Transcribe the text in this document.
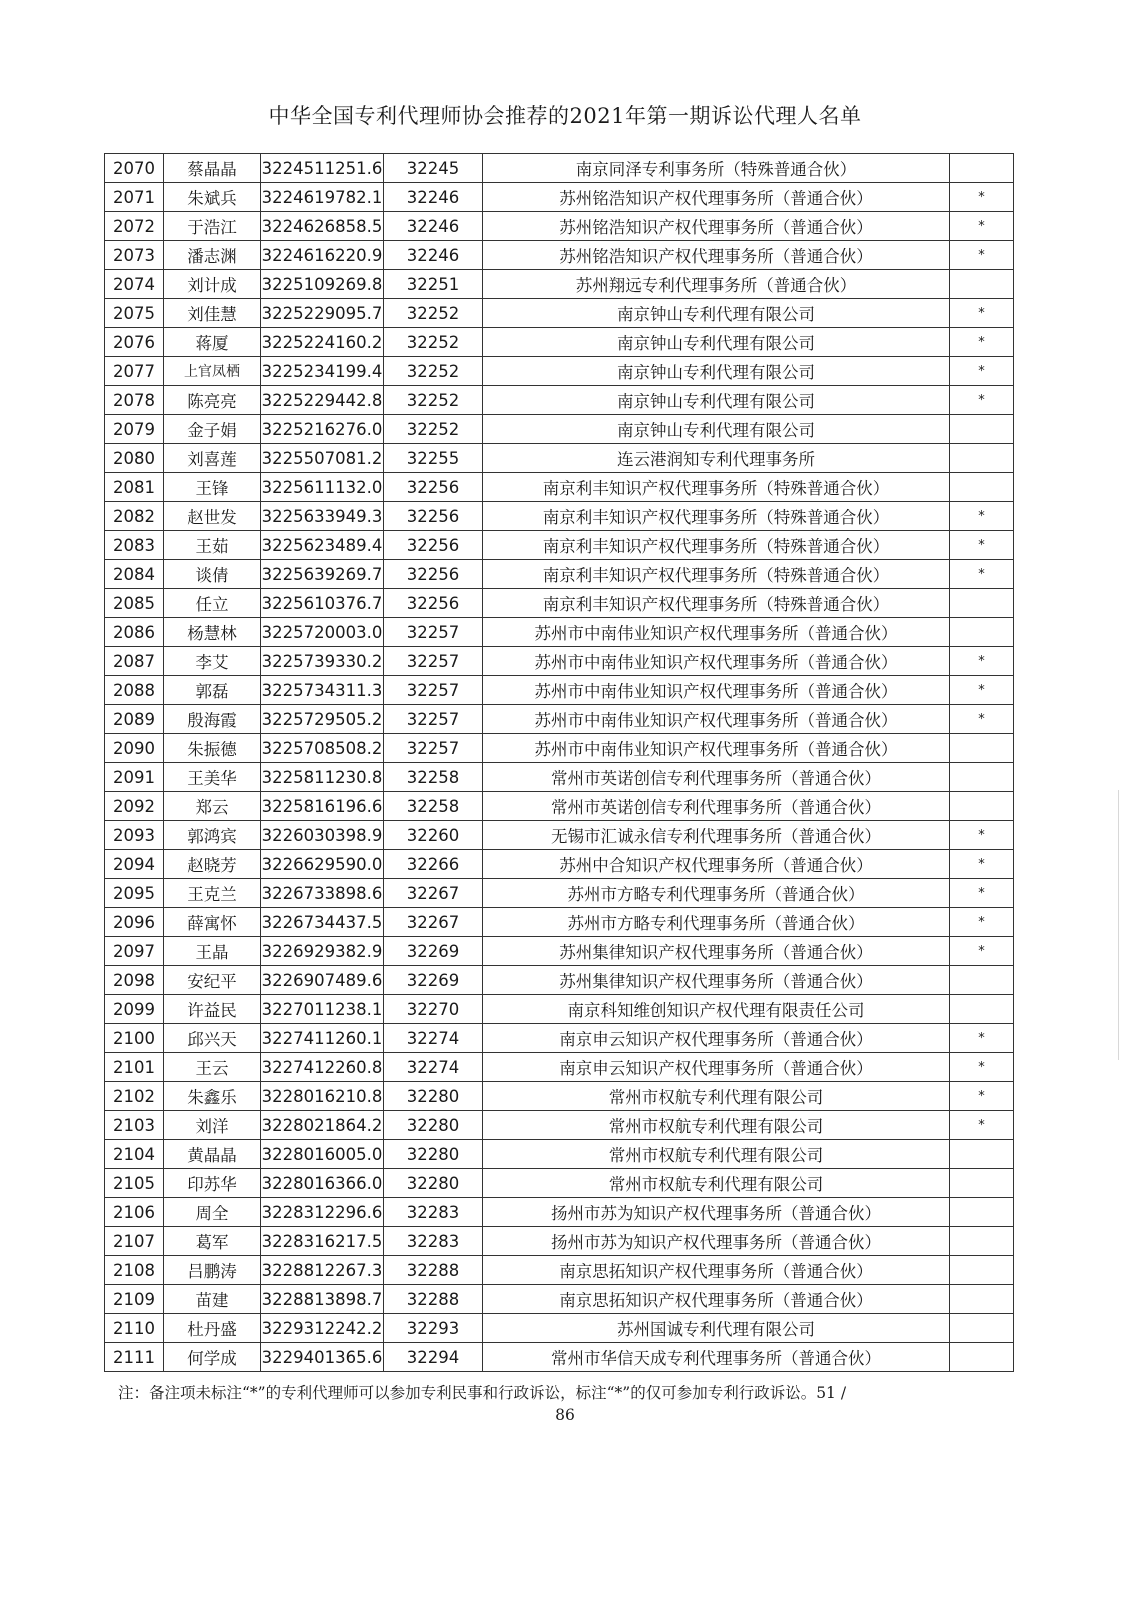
中华全国专利代理师协会推荐的2021年第一期诉讼代理人名单
2070	蔡晶晶	3224511251.6	32245	南京同泽专利事务所（特殊普通合伙）	
2071	朱斌兵	3224619782.1	32246	苏州铭浩知识产权代理事务所（普通合伙）	*
2072	于浩江	3224626858.5	32246	苏州铭浩知识产权代理事务所（普通合伙）	*
2073	潘志渊	3224616220.9	32246	苏州铭浩知识产权代理事务所（普通合伙）	*
2074	刘计成	3225109269.8	32251	苏州翔远专利代理事务所（普通合伙）	
2075	刘佳慧	3225229095.7	32252	南京钟山专利代理有限公司	*
2076	蒋厦	3225224160.2	32252	南京钟山专利代理有限公司	*
2077	上官凤栖	3225234199.4	32252	南京钟山专利代理有限公司	*
2078	陈亮亮	3225229442.8	32252	南京钟山专利代理有限公司	*
2079	金子娟	3225216276.0	32252	南京钟山专利代理有限公司	
2080	刘喜莲	3225507081.2	32255	连云港润知专利代理事务所	
2081	王锋	3225611132.0	32256	南京利丰知识产权代理事务所（特殊普通合伙）	
2082	赵世发	3225633949.3	32256	南京利丰知识产权代理事务所（特殊普通合伙）	*
2083	王茹	3225623489.4	32256	南京利丰知识产权代理事务所（特殊普通合伙）	*
2084	谈倩	3225639269.7	32256	南京利丰知识产权代理事务所（特殊普通合伙）	*
2085	任立	3225610376.7	32256	南京利丰知识产权代理事务所（特殊普通合伙）	
2086	杨慧林	3225720003.0	32257	苏州市中南伟业知识产权代理事务所（普通合伙）	
2087	李艾	3225739330.2	32257	苏州市中南伟业知识产权代理事务所（普通合伙）	*
2088	郭磊	3225734311.3	32257	苏州市中南伟业知识产权代理事务所（普通合伙）	*
2089	殷海霞	3225729505.2	32257	苏州市中南伟业知识产权代理事务所（普通合伙）	*
2090	朱振德	3225708508.2	32257	苏州市中南伟业知识产权代理事务所（普通合伙）	
2091	王美华	3225811230.8	32258	常州市英诺创信专利代理事务所（普通合伙）	
2092	郑云	3225816196.6	32258	常州市英诺创信专利代理事务所（普通合伙）	
2093	郭鸿宾	3226030398.9	32260	无锡市汇诚永信专利代理事务所（普通合伙）	*
2094	赵晓芳	3226629590.0	32266	苏州中合知识产权代理事务所（普通合伙）	*
2095	王克兰	3226733898.6	32267	苏州市方略专利代理事务所（普通合伙）	*
2096	薛寓怀	3226734437.5	32267	苏州市方略专利代理事务所（普通合伙）	*
2097	王晶	3226929382.9	32269	苏州集律知识产权代理事务所（普通合伙）	*
2098	安纪平	3226907489.6	32269	苏州集律知识产权代理事务所（普通合伙）	
2099	许益民	3227011238.1	32270	南京科知维创知识产权代理有限责任公司	
2100	邱兴天	3227411260.1	32274	南京申云知识产权代理事务所（普通合伙）	*
2101	王云	3227412260.8	32274	南京申云知识产权代理事务所（普通合伙）	*
2102	朱鑫乐	3228016210.8	32280	常州市权航专利代理有限公司	*
2103	刘洋	3228021864.2	32280	常州市权航专利代理有限公司	*
2104	黄晶晶	3228016005.0	32280	常州市权航专利代理有限公司	
2105	印苏华	3228016366.0	32280	常州市权航专利代理有限公司	
2106	周全	3228312296.6	32283	扬州市苏为知识产权代理事务所（普通合伙）	
2107	葛军	3228316217.5	32283	扬州市苏为知识产权代理事务所（普通合伙）	
2108	吕鹏涛	3228812267.3	32288	南京思拓知识产权代理事务所（普通合伙）	
2109	苗建	3228813898.7	32288	南京思拓知识产权代理事务所（普通合伙）	
2110	杜丹盛	3229312242.2	32293	苏州国诚专利代理有限公司	
2111	何学成	3229401365.6	32294	常州市华信天成专利代理事务所（普通合伙）	
注：备注项未标注“*”的专利代理师可以参加专利民事和行政诉讼，标注“*”的仅可参加专利行政诉讼。51 /
86
